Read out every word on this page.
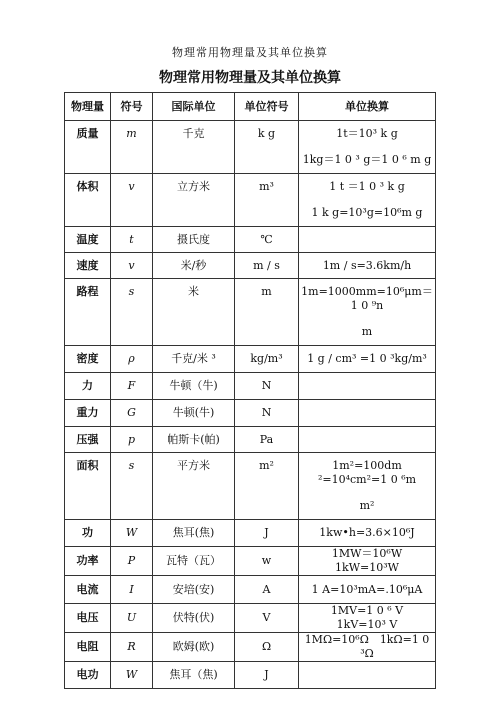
物理常用物理量及其单位换算
物理常用物理量及其单位换算
物理量	符号	国际单位	单位符号	单位换算
质量	m	千克	k g	1t＝10³ k g
1kg＝1 0 ³ g＝1 0 ⁶ m g

体积	v	立方米	m³	1 t ＝1 0 ³ k g
1 k g=10³g=10⁶m g

温度	t	摄氏度	℃	
速度	v	米/秒	m / s	1m / s=3.6km/h

路程	s	米	m	1m=1000mm=10⁶μm＝1 0 ⁹n
m

密度	ρ	千克/米 ³	kg/m³	1 g / cm³ =1 0 ³kg/m³

力	F	牛顿（牛)	N	
重力	G	牛顿(牛)	N	
压强	p	帕斯卡(帕)	Pa	
面积	s	平方米	m²	1m²=100dm ²=10⁴cm²=1 0 ⁶m
m²

功	W	焦耳(焦)	J	1kw•h=3.6×10⁶J

功率	P	瓦特（瓦）	w	1MW＝10⁶W　　1kW=10³W

电流	I	安培(安)	A	1 A=10³mA=.10⁶μA

电压	U	伏特(伏)	V	1MV=1 0 ⁶ V　　1kV=10³ V

电阻	R	欧姆(欧)	Ω	1MΩ=10⁶Ω　1kΩ=1 0 ³Ω

电功	W	焦耳（焦)	J	
